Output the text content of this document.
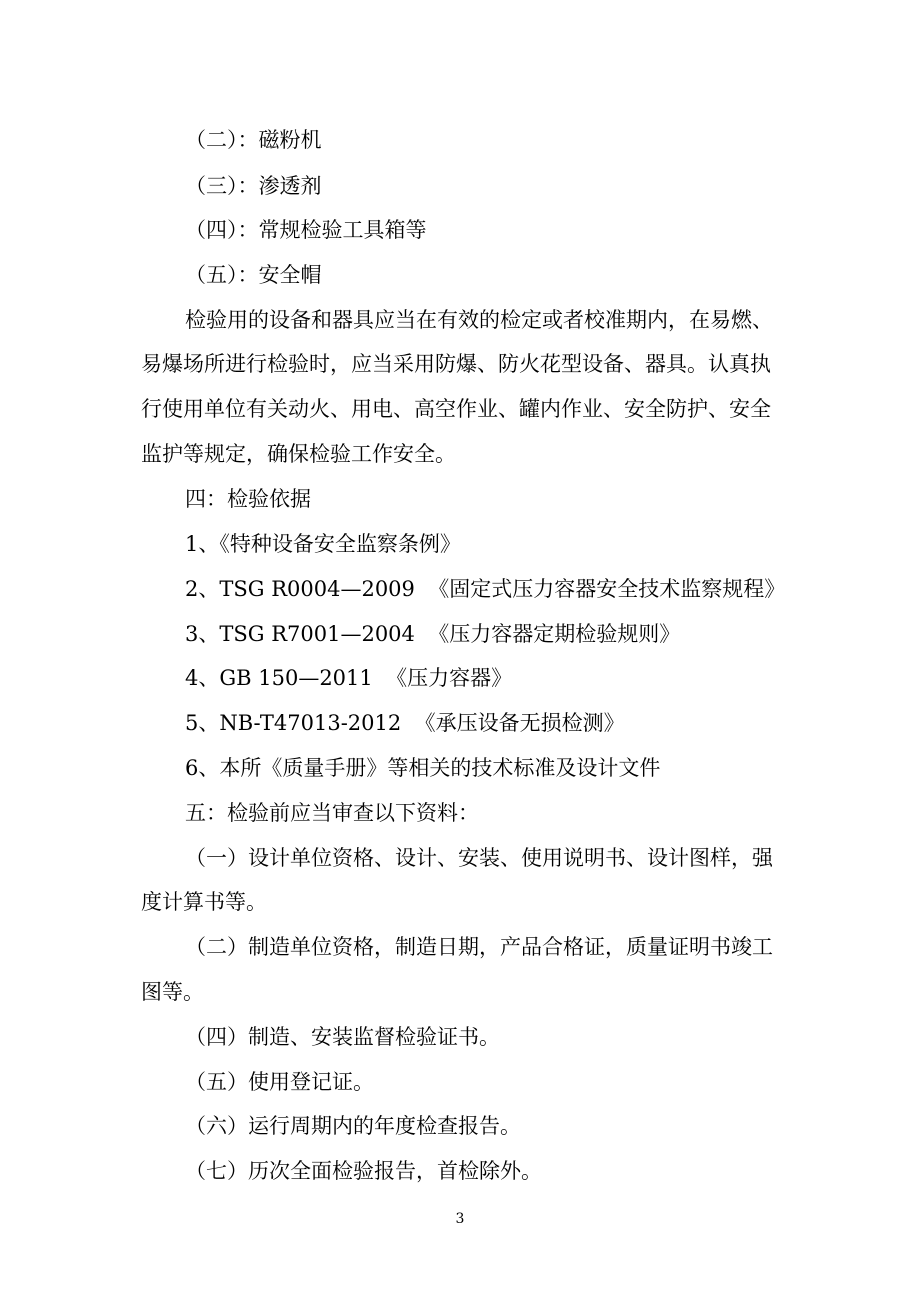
（二）：磁粉机
（三）：渗透剂
（四）：常规检验工具箱等
（五）：安全帽
检验用的设备和器具应当在有效的检定或者校准期内，在易燃、
易爆场所进行检验时，应当采用防爆、防火花型设备、器具。认真执
行使用单位有关动火、用电、高空作业、罐内作业、安全防护、安全
监护等规定，确保检验工作安全。
四：检验依据
1、《特种设备安全监察条例》
2、TSG R0004—2009  《固定式压力容器安全技术监察规程》
3、TSG R7001—2004  《压力容器定期检验规则》
4、GB 150—2011  《压力容器》
5、NB-T47013-2012  《承压设备无损检测》
6、本所《质量手册》等相关的技术标准及设计文件
五：检验前应当审查以下资料：
（一）设计单位资格、设计、安装、使用说明书、设计图样，强
度计算书等。
（二）制造单位资格，制造日期，产品合格证，质量证明书竣工
图等。
（四）制造、安装监督检验证书。
（五）使用登记证。
（六）运行周期内的年度检查报告。
（七）历次全面检验报告，首检除外。
3
